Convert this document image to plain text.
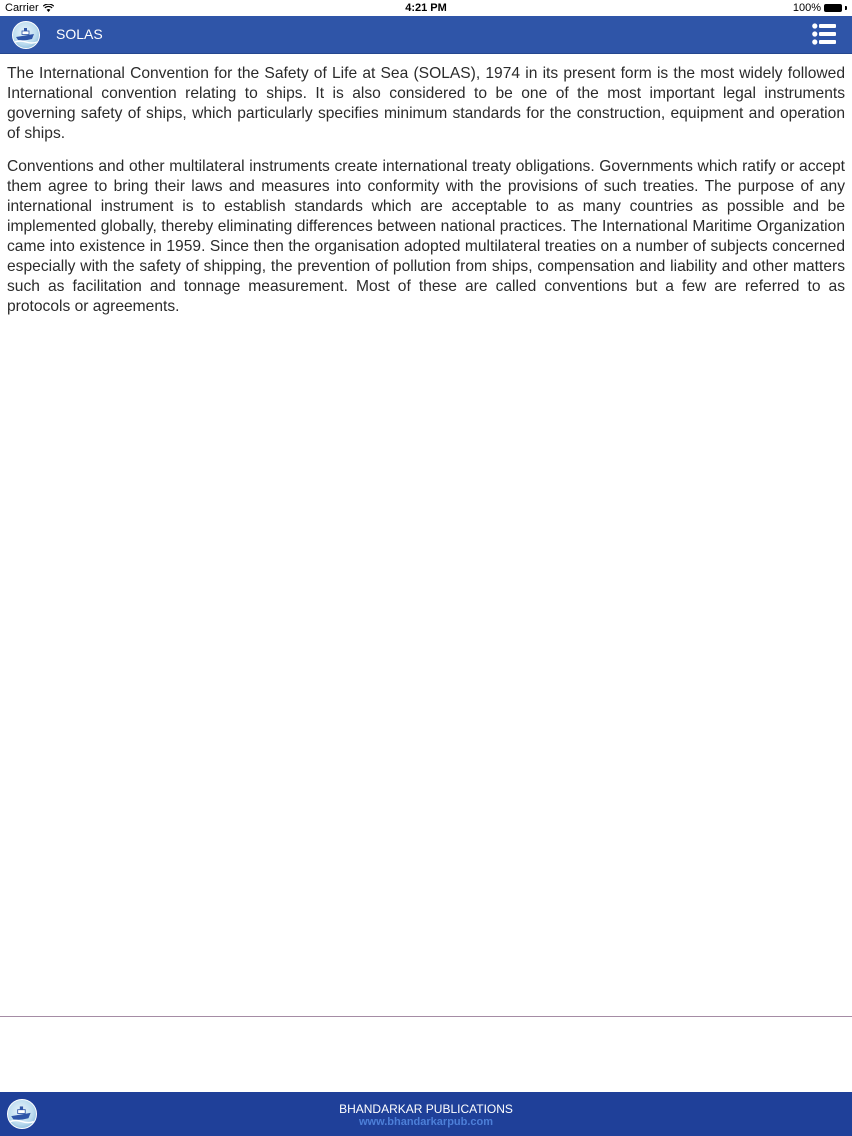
Carrier	4:21 PM	100%
SOLAS

The International Convention for the Safety of Life at Sea (SOLAS), 1974 in its present form is the most widely followed International convention relating to ships. It is also considered to be one of the most important legal instruments governing safety of ships, which particularly specifies minimum standards for the construction, equipment and operation of ships.

Conventions and other multilateral instruments create international treaty obligations. Governments which ratify or accept them agree to bring their laws and measures into conformity with the provisions of such treaties. The purpose of any international instrument is to establish standards which are acceptable to as many countries as possible and be implemented globally, thereby eliminating differences between national practices. The International Maritime Organization came into existence in 1959. Since then the organisation adopted multilateral treaties on a number of subjects concerned especially with the safety of shipping, the prevention of pollution from ships, compensation and liability and other matters such as facilitation and tonnage measurement. Most of these are called conventions but a few are referred to as protocols or agreements.

BHANDARKAR PUBLICATIONS
www.bhandarkarpub.com
